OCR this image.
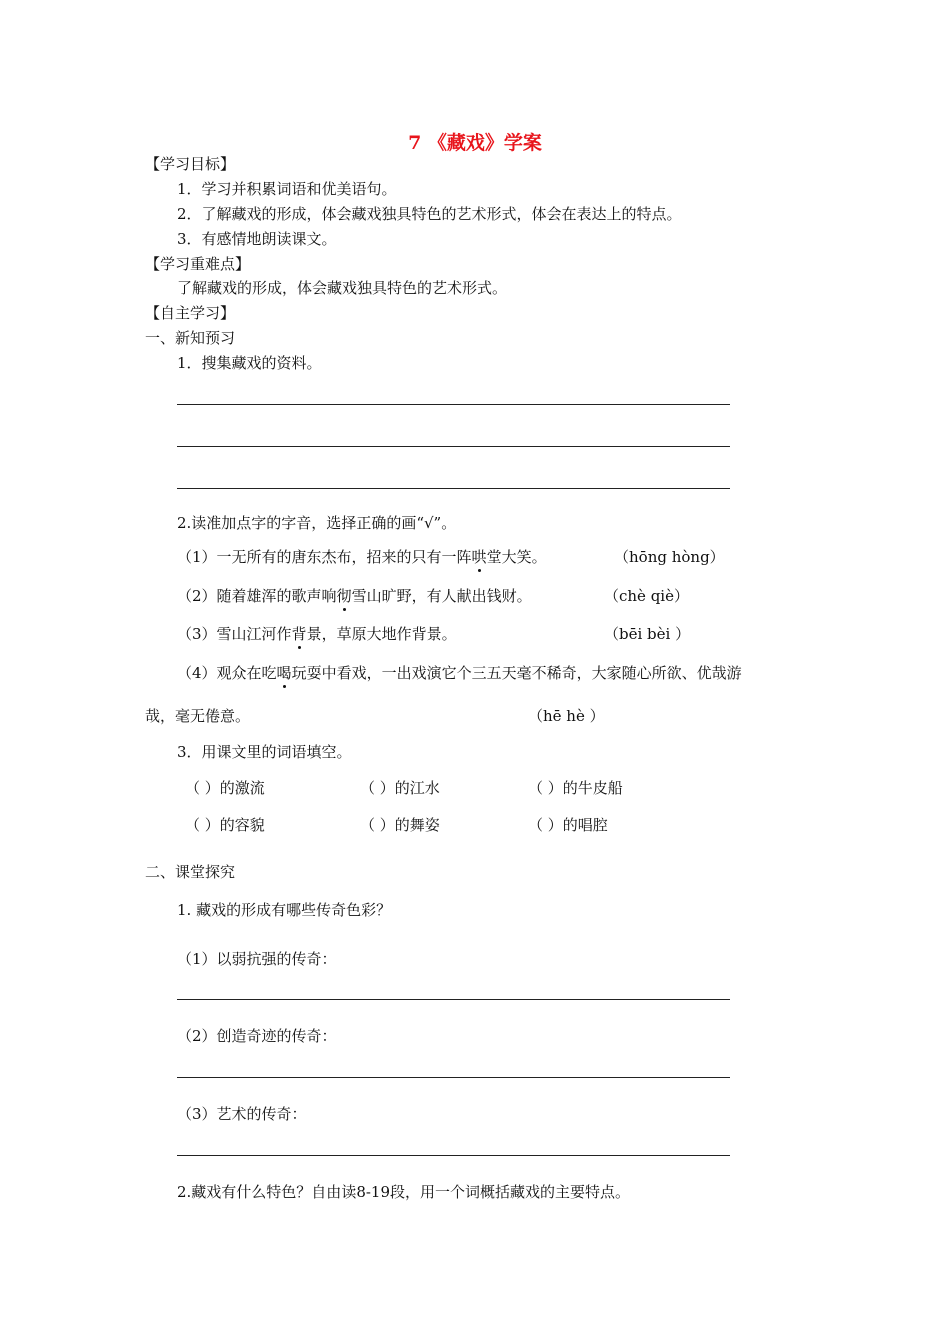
7 《藏戏》学案
【学习目标】
1．学习并积累词语和优美语句。
2．了解藏戏的形成，体会藏戏独具特色的艺术形式，体会在表达上的特点。
3．有感情地朗读课文。
【学习重难点】
了解藏戏的形成，体会藏戏独具特色的艺术形式。
【自主学习】
一、新知预习
1．搜集藏戏的资料。
2.读准加点字的字音，选择正确的画“√”。
（1）一无所有的唐东杰布，招来的只有一阵哄堂大笑。	（hōng hòng）
（2）随着雄浑的歌声响彻雪山旷野，有人献出钱财。	（chè qiè）
（3）雪山江河作背景，草原大地作背景。	（bēi bèi ）
（4）观众在吃喝玩耍中看戏，一出戏演它个三五天毫不稀奇，大家随心所欲、优哉游
哉，毫无倦意。	（hē hè ）
3．用课文里的词语填空。
（ ）的激流	（ ）的江水	（ ）的牛皮船
（ ）的容貌	（ ）的舞姿	（ ）的唱腔
二、课堂探究
1. 藏戏的形成有哪些传奇色彩？
（1）以弱抗强的传奇：
（2）创造奇迹的传奇：
（3）艺术的传奇：
2.藏戏有什么特色？自由读8-19段，用一个词概括藏戏的主要特点。
